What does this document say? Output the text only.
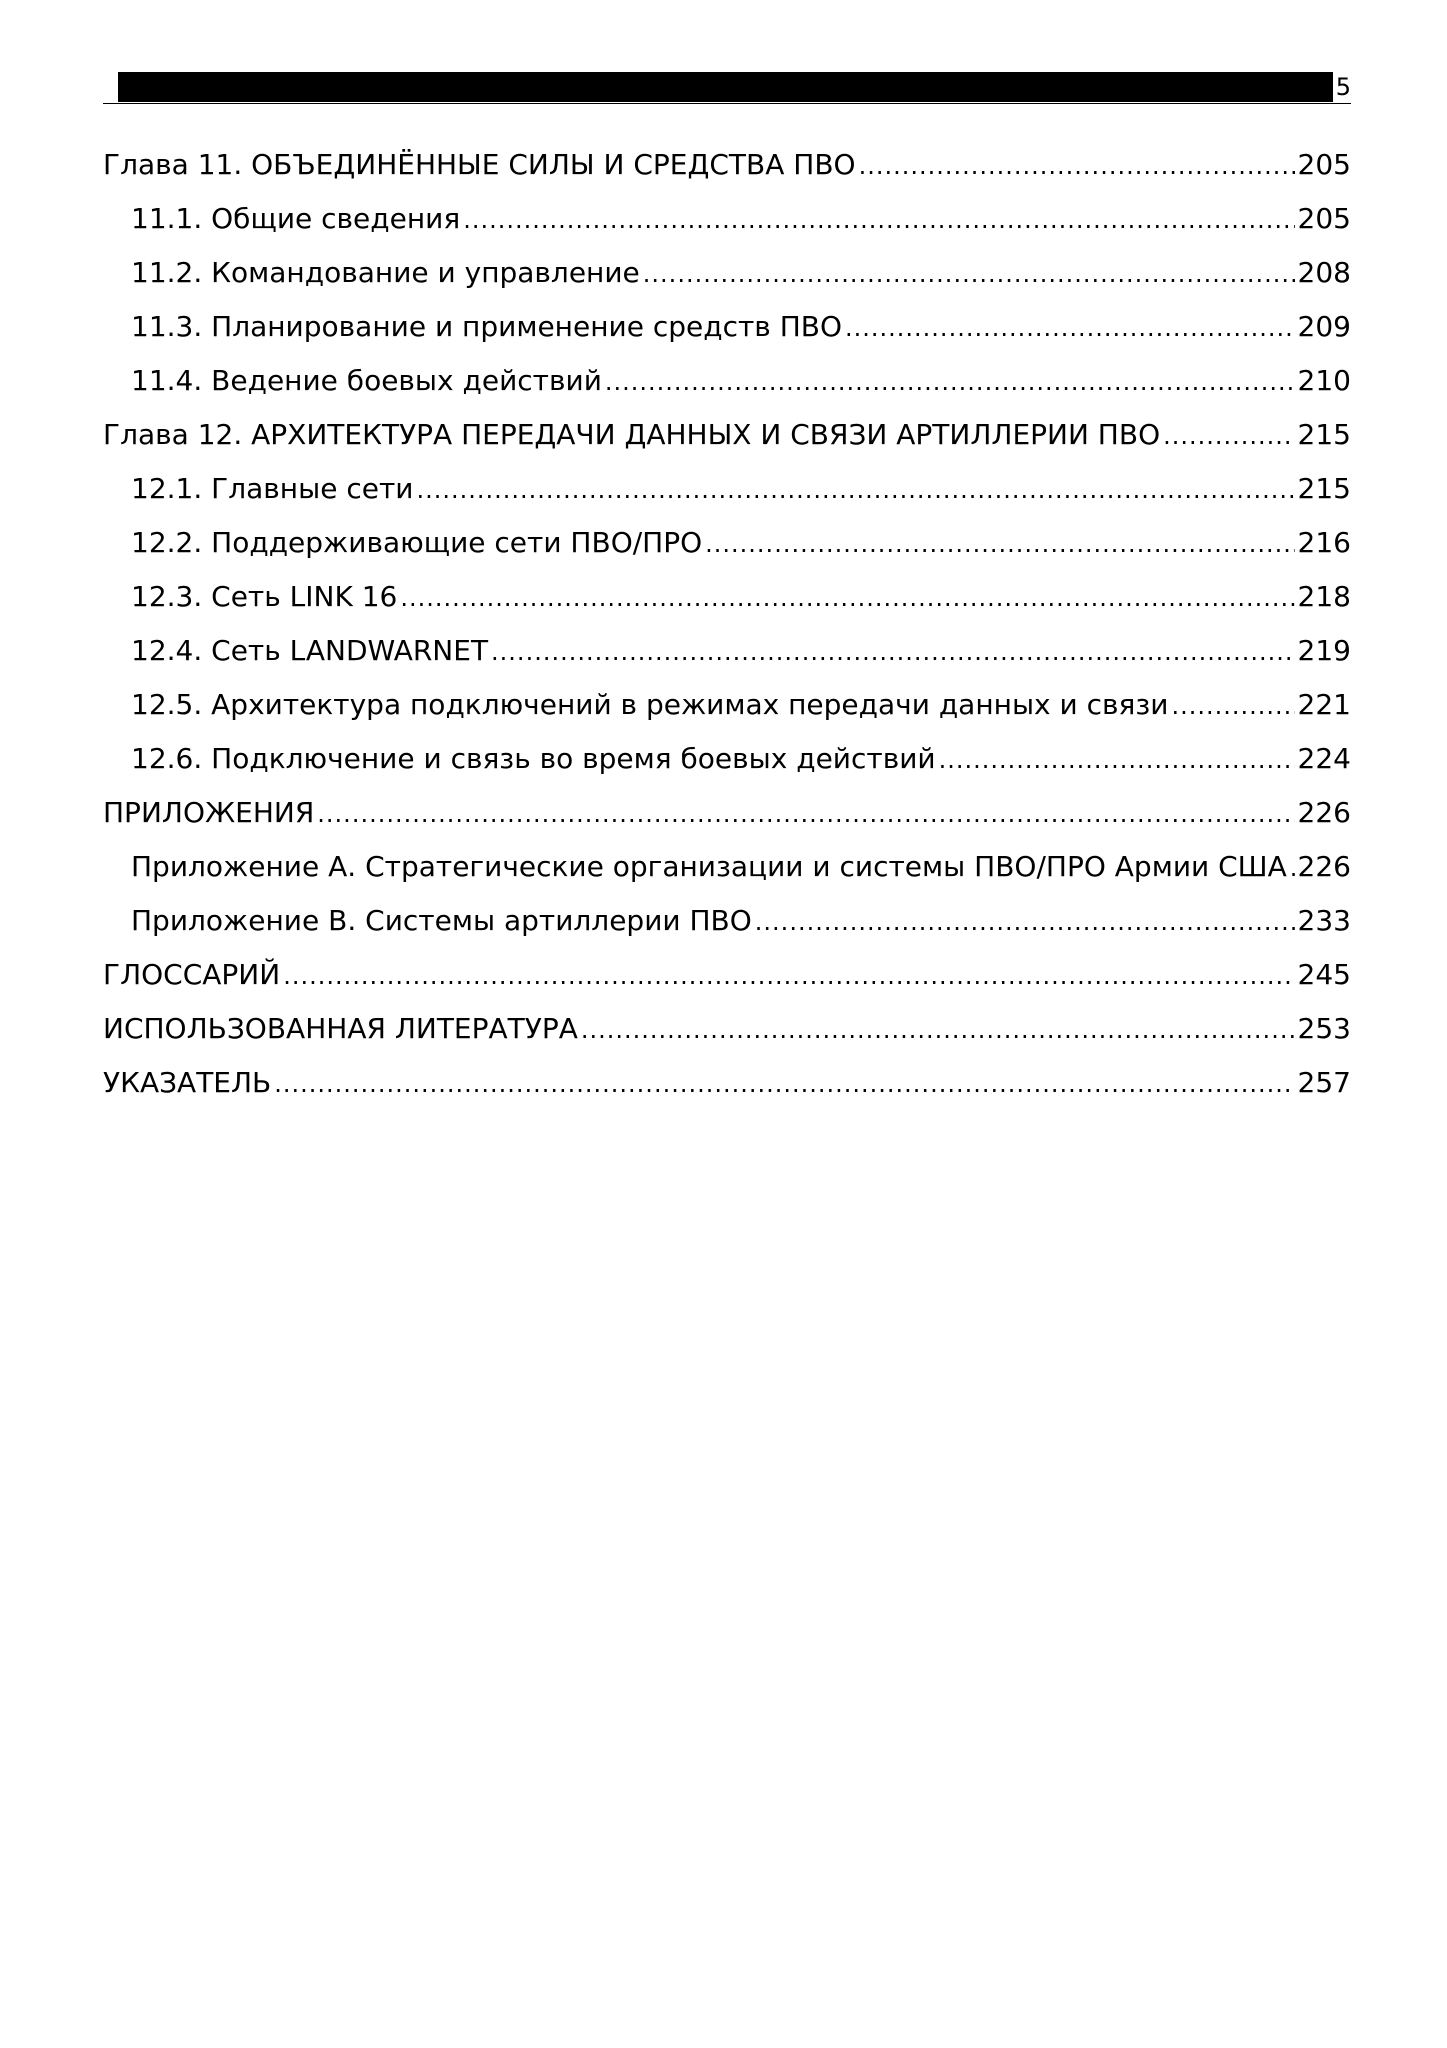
5
Глава 11. ОБЪЕДИНЁННЫЕ СИЛЫ И СРЕДСТВА ПВО .....	205
11.1. Общие сведения .....	205
11.2. Командование и управление .....	208
11.3. Планирование и применение средств ПВО .....	209
11.4. Ведение боевых действий .....	210
Глава 12. АРХИТЕКТУРА ПЕРЕДАЧИ ДАННЫХ И СВЯЗИ АРТИЛЛЕРИИ ПВО .....	215
12.1. Главные сети .....	215
12.2. Поддерживающие сети ПВО/ПРО .....	216
12.3. Сеть LINK 16 .....	218
12.4. Сеть LANDWARNET .....	219
12.5. Архитектура подключений в режимах передачи данных и связи .....	221
12.6. Подключение и связь во время боевых действий .....	224
ПРИЛОЖЕНИЯ .....	226
Приложение А. Стратегические организации и системы ПВО/ПРО Армии США ..... 226
Приложение В. Системы артиллерии ПВО .....	233
ГЛОССАРИЙ .....	245
ИСПОЛЬЗОВАННАЯ ЛИТЕРАТУРА .....	253
УКАЗАТЕЛЬ .....	257
